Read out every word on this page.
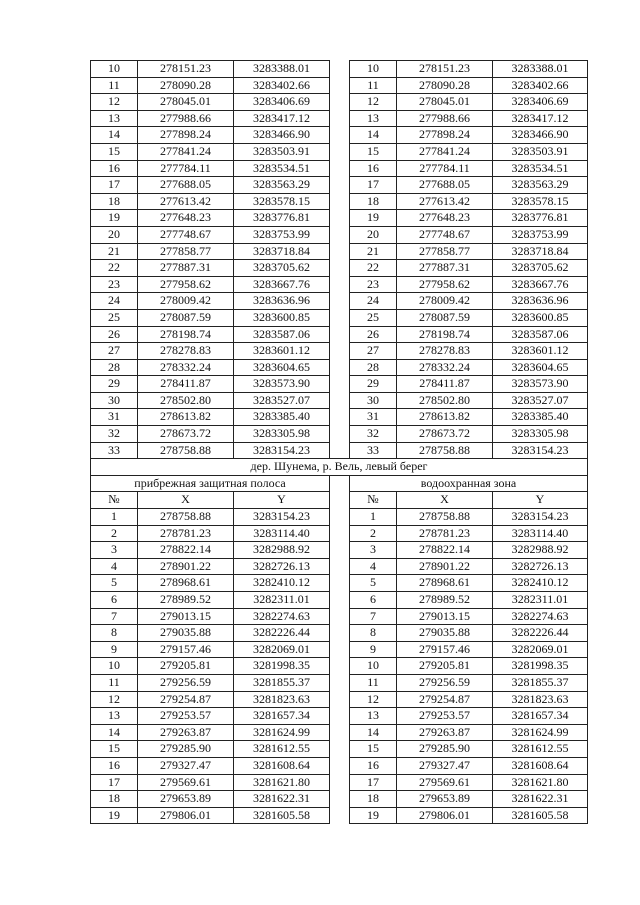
10	278151.23	3283388.01		10	278151.23	3283388.01
11	278090.28	3283402.66		11	278090.28	3283402.66
12	278045.01	3283406.69		12	278045.01	3283406.69
13	277988.66	3283417.12		13	277988.66	3283417.12
14	277898.24	3283466.90		14	277898.24	3283466.90
15	277841.24	3283503.91		15	277841.24	3283503.91
16	277784.11	3283534.51		16	277784.11	3283534.51
17	277688.05	3283563.29		17	277688.05	3283563.29
18	277613.42	3283578.15		18	277613.42	3283578.15
19	277648.23	3283776.81		19	277648.23	3283776.81
20	277748.67	3283753.99		20	277748.67	3283753.99
21	277858.77	3283718.84		21	277858.77	3283718.84
22	277887.31	3283705.62		22	277887.31	3283705.62
23	277958.62	3283667.76		23	277958.62	3283667.76
24	278009.42	3283636.96		24	278009.42	3283636.96
25	278087.59	3283600.85		25	278087.59	3283600.85
26	278198.74	3283587.06		26	278198.74	3283587.06
27	278278.83	3283601.12		27	278278.83	3283601.12
28	278332.24	3283604.65		28	278332.24	3283604.65
29	278411.87	3283573.90		29	278411.87	3283573.90
30	278502.80	3283527.07		30	278502.80	3283527.07
31	278613.82	3283385.40		31	278613.82	3283385.40
32	278673.72	3283305.98		32	278673.72	3283305.98
33	278758.88	3283154.23		33	278758.88	3283154.23
дер. Шунема, р. Вель, левый берег						
прибрежная защитная полоса				водоохранная зона		
№	X	Y		№	X	Y
1	278758.88	3283154.23		1	278758.88	3283154.23
2	278781.23	3283114.40		2	278781.23	3283114.40
3	278822.14	3282988.92		3	278822.14	3282988.92
4	278901.22	3282726.13		4	278901.22	3282726.13
5	278968.61	3282410.12		5	278968.61	3282410.12
6	278989.52	3282311.01		6	278989.52	3282311.01
7	279013.15	3282274.63		7	279013.15	3282274.63
8	279035.88	3282226.44		8	279035.88	3282226.44
9	279157.46	3282069.01		9	279157.46	3282069.01
10	279205.81	3281998.35		10	279205.81	3281998.35
11	279256.59	3281855.37		11	279256.59	3281855.37
12	279254.87	3281823.63		12	279254.87	3281823.63
13	279253.57	3281657.34		13	279253.57	3281657.34
14	279263.87	3281624.99		14	279263.87	3281624.99
15	279285.90	3281612.55		15	279285.90	3281612.55
16	279327.47	3281608.64		16	279327.47	3281608.64
17	279569.61	3281621.80		17	279569.61	3281621.80
18	279653.89	3281622.31		18	279653.89	3281622.31
19	279806.01	3281605.58		19	279806.01	3281605.58
